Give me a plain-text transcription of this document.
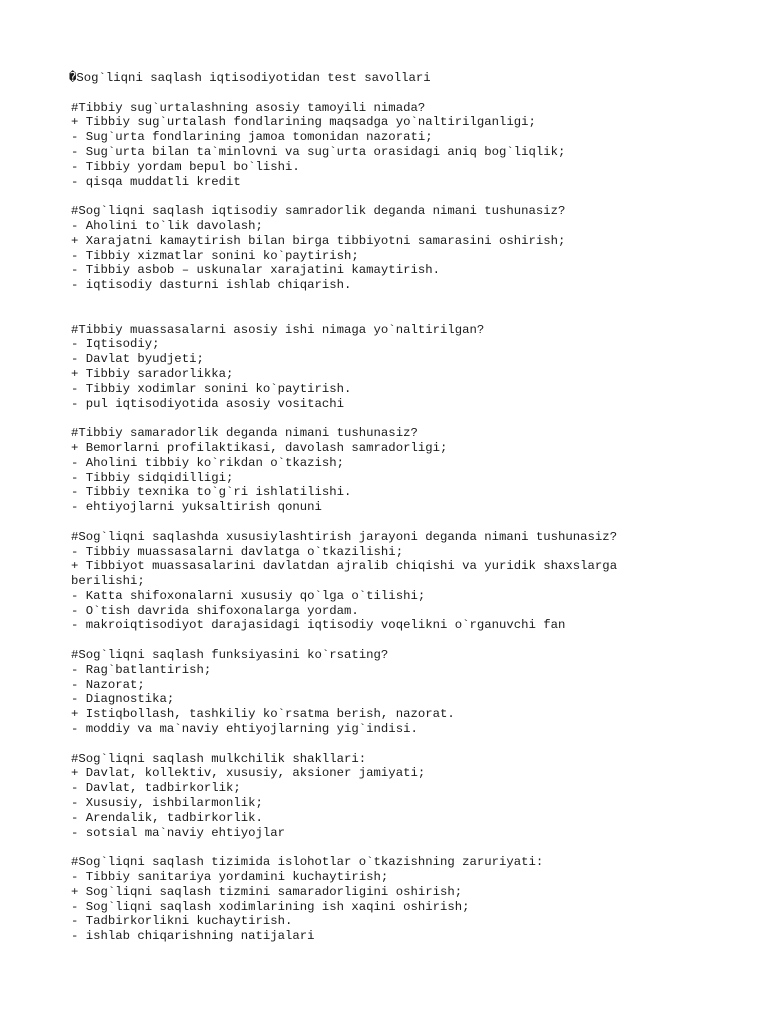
�Sog`liqni saqlash iqtisodiyotidan test savollari
#Tibbiy sug`urtalashning asosiy tamoyili nimada?
+ Tibbiy sug`urtalash fondlarining maqsadga yo`naltirilganligi;
- Sug`urta fondlarining jamoa tomonidan nazorati;
- Sug`urta bilan ta`minlovni va sug`urta orasidagi aniq bog`liqlik;
- Tibbiy yordam bepul bo`lishi.
- qisqa muddatli kredit
#Sog`liqni saqlash iqtisodiy samradorlik deganda nimani tushunasiz?
- Aholini to`lik davolash;
+ Xarajatni kamaytirish bilan birga tibbiyotni samarasini oshirish;
- Tibbiy xizmatlar sonini ko`paytirish;
- Tibbiy asbob – uskunalar xarajatini kamaytirish.
- iqtisodiy dasturni ishlab chiqarish.
#Tibbiy muassasalarni asosiy ishi nimaga yo`naltirilgan?
- Iqtisodiy;
- Davlat byudjeti;
+ Tibbiy saradorlikka;
- Tibbiy xodimlar sonini ko`paytirish.
- pul iqtisodiyotida asosiy vositachi
#Tibbiy samaradorlik deganda nimani tushunasiz?
+ Bemorlarni profilaktikasi, davolash samradorligi;
- Aholini tibbiy ko`rikdan o`tkazish;
- Tibbiy sidqidilligi;
- Tibbiy texnika to`g`ri ishlatilishi.
- ehtiyojlarni yuksaltirish qonuni
#Sog`liqni saqlashda xususiylashtirish jarayoni deganda nimani tushunasiz?
- Tibbiy muassasalarni davlatga o`tkazilishi;
+ Tibbiyot muassasalarini davlatdan ajralib chiqishi va yuridik shaxslarga
berilishi;
- Katta shifoxonalarni xususiy qo`lga o`tilishi;
- O`tish davrida shifoxonalarga yordam.
- makroiqtisodiyot darajasidagi iqtisodiy voqelikni o`rganuvchi fan
#Sog`liqni saqlash funksiyasini ko`rsating?
- Rag`batlantirish;
- Nazorat;
- Diagnostika;
+ Istiqbollash, tashkiliy ko`rsatma berish, nazorat.
- moddiy va ma`naviy ehtiyojlarning yig`indisi.
#Sog`liqni saqlash mulkchilik shakllari:
+ Davlat, kollektiv, xususiy, aksioner jamiyati;
- Davlat, tadbirkorlik;
- Xususiy, ishbilarmonlik;
- Arendalik, tadbirkorlik.
- sotsial ma`naviy ehtiyojlar
#Sog`liqni saqlash tizimida islohotlar o`tkazishning zaruriyati:
- Tibbiy sanitariya yordamini kuchaytirish;
+ Sog`liqni saqlash tizmini samaradorligini oshirish;
- Sog`liqni saqlash xodimlarining ish xaqini oshirish;
- Tadbirkorlikni kuchaytirish.
- ishlab chiqarishning natijalari
